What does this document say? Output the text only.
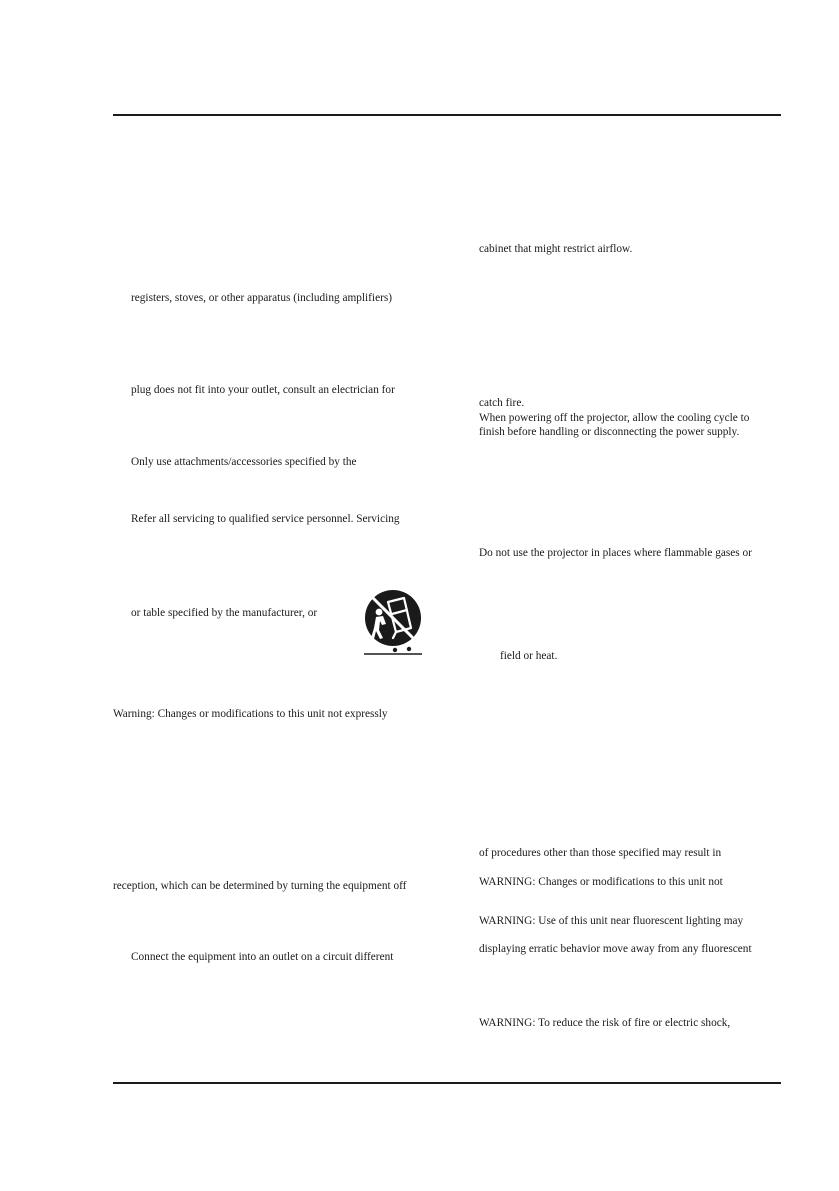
registers, stoves, or other apparatus (including amplifiers)
plug does not fit into your outlet, consult an electrician for
Only use attachments/accessories specified by the
Refer all servicing to qualified service personnel. Servicing
or table specified by the manufacturer, or
Warning: Changes or modifications to this unit not expressly
reception, which can be determined by turning the equipment off
Connect the equipment into an outlet on a circuit different
cabinet that might restrict airflow.
catch fire.
When powering off the projector, allow the cooling cycle to
finish before handling or disconnecting the power supply.
Do not use the projector in places where flammable gases or
field or heat.
of procedures other than those specified may result in
WARNING: Changes or modifications to this unit not
WARNING: Use of this unit near fluorescent lighting may
displaying erratic behavior move away from any fluorescent
WARNING: To reduce the risk of fire or electric shock,
